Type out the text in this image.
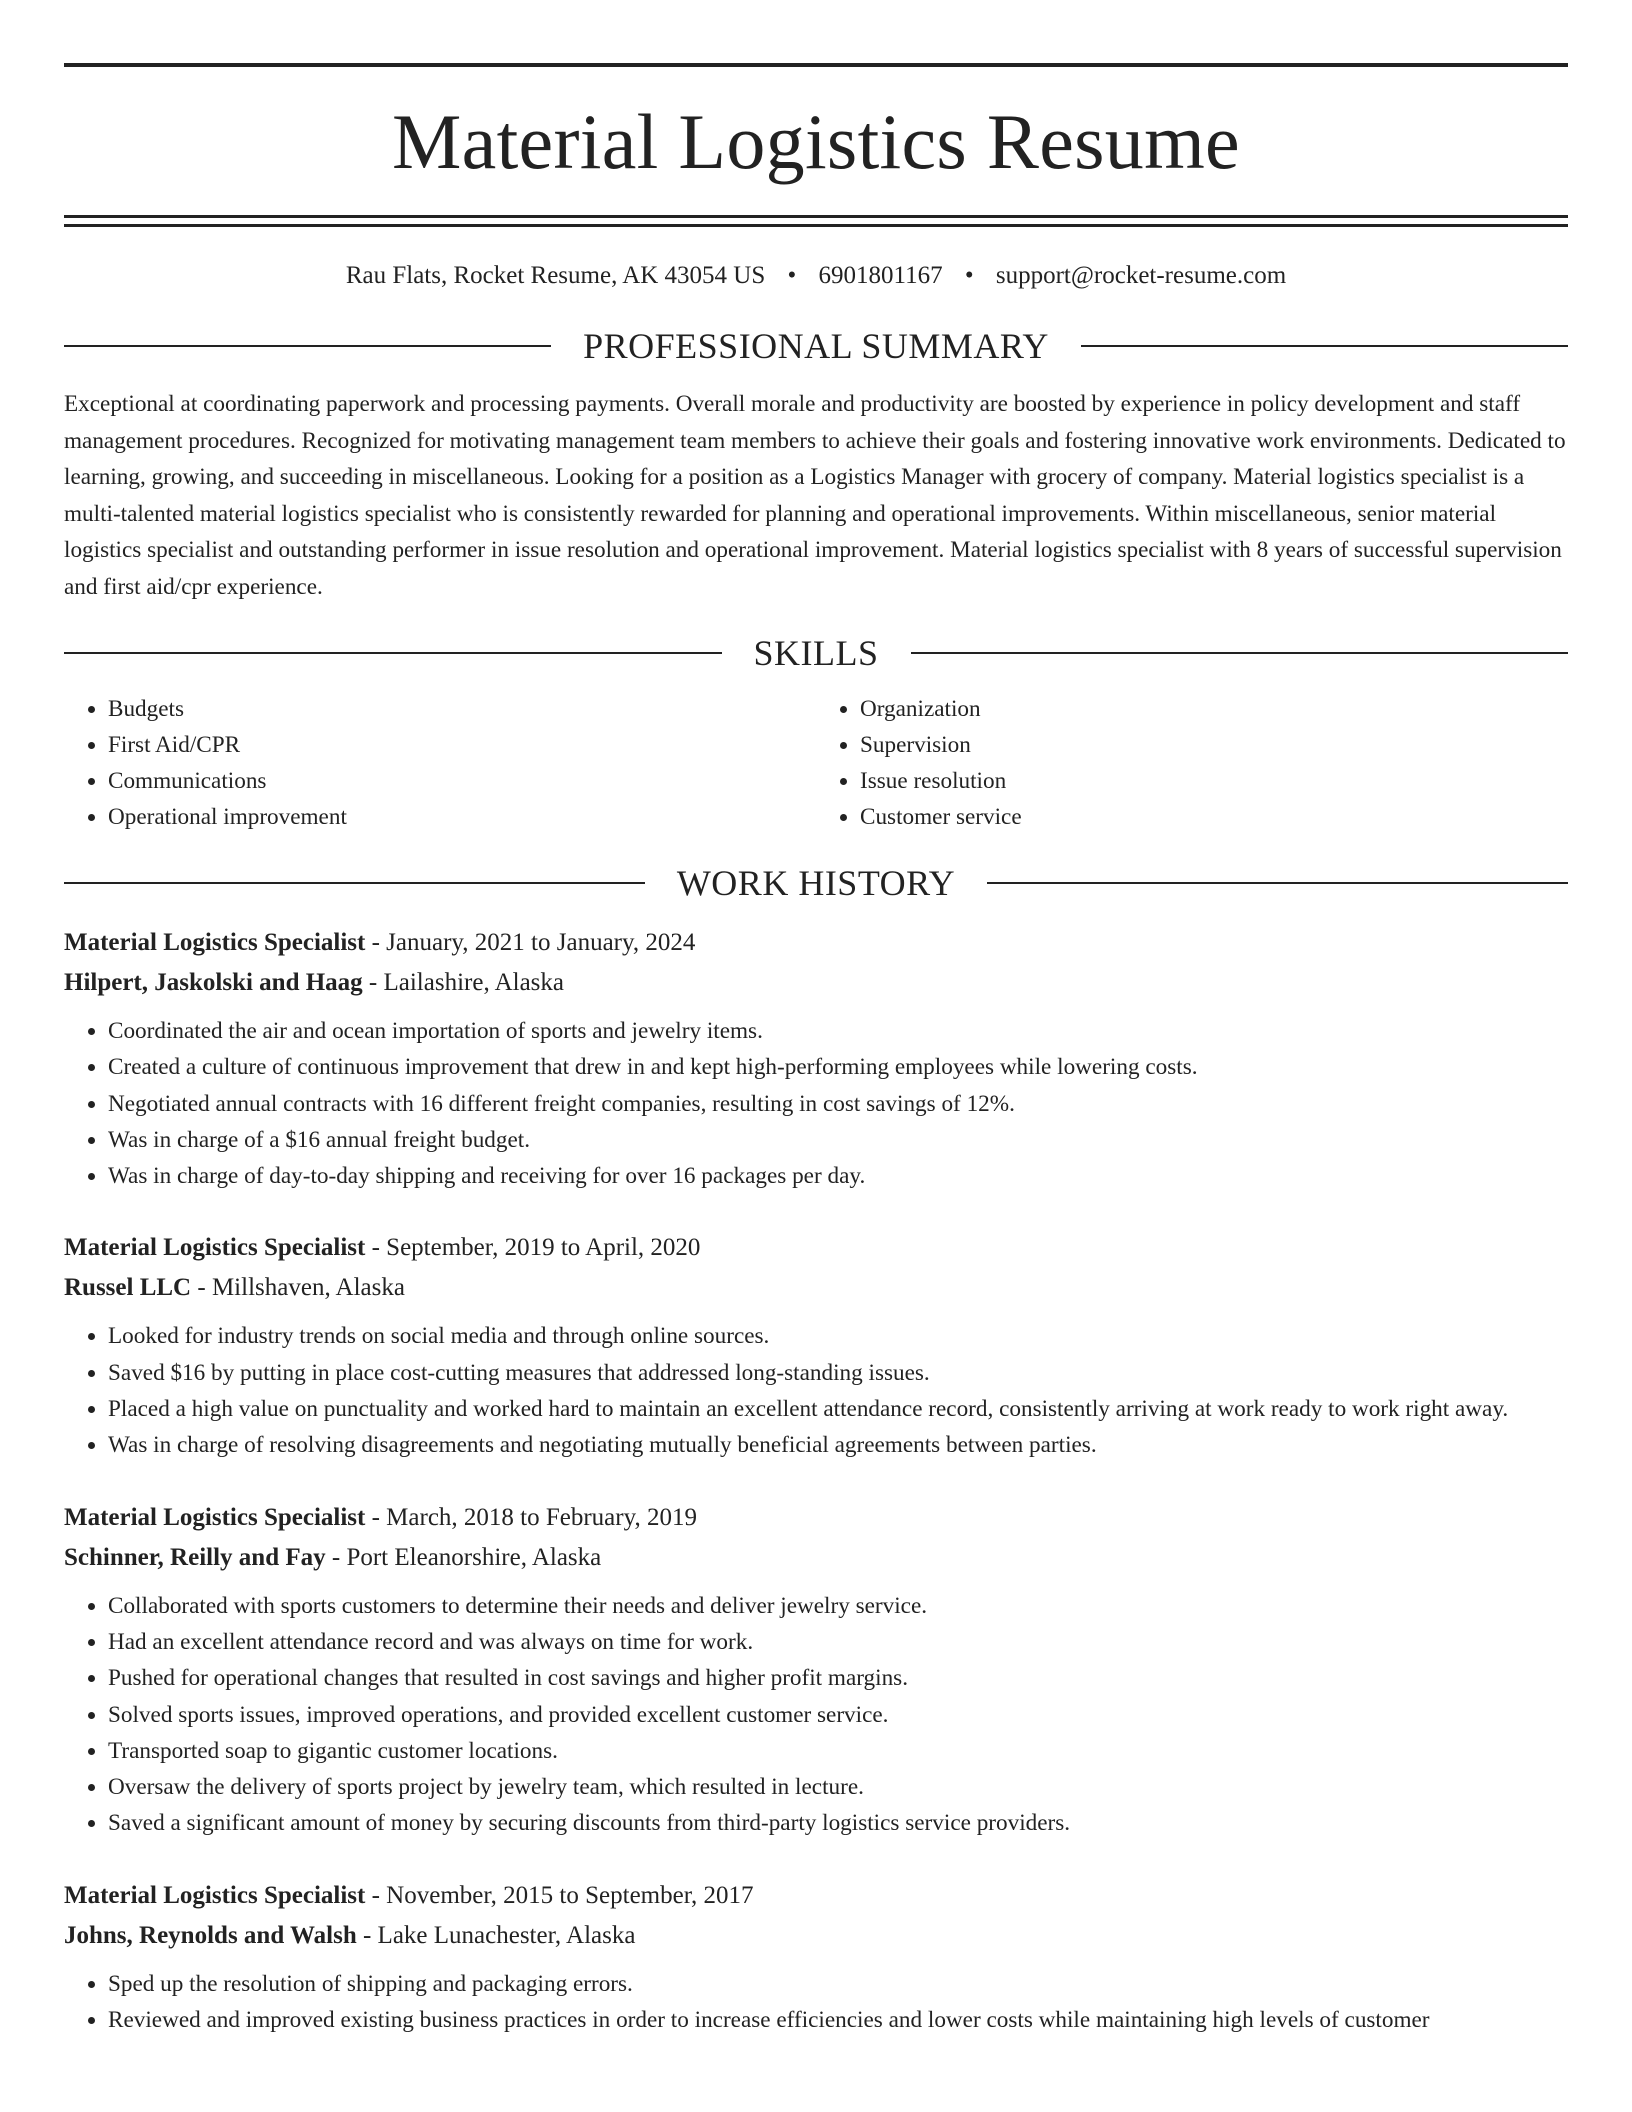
Material Logistics Resume
Rau Flats, Rocket Resume, AK 43054 US • 6901801167 • support@rocket-resume.com
PROFESSIONAL SUMMARY

Exceptional at coordinating paperwork and processing payments. Overall morale and productivity are boosted by experience in policy development and staff management procedures. Recognized for motivating management team members to achieve their goals and fostering innovative work environments. Dedicated to learning, growing, and succeeding in miscellaneous. Looking for a position as a Logistics Manager with grocery of company. Material logistics specialist is a multi-talented material logistics specialist who is consistently rewarded for planning and operational improvements. Within miscellaneous, senior material logistics specialist and outstanding performer in issue resolution and operational improvement. Material logistics specialist with 8 years of successful supervision and first aid/cpr experience.

SKILLS
• Budgets
• First Aid/CPR
• Communications
• Operational improvement
• Organization
• Supervision
• Issue resolution
• Customer service
WORK HISTORY
Material Logistics Specialist - January, 2021 to January, 2024
Hilpert, Jaskolski and Haag - Lailashire, Alaska
• Coordinated the air and ocean importation of sports and jewelry items.
• Created a culture of continuous improvement that drew in and kept high-performing employees while lowering costs.
• Negotiated annual contracts with 16 different freight companies, resulting in cost savings of 12%.
• Was in charge of a $16 annual freight budget.
• Was in charge of day-to-day shipping and receiving for over 16 packages per day.
Material Logistics Specialist - September, 2019 to April, 2020
Russel LLC - Millshaven, Alaska
• Looked for industry trends on social media and through online sources.
• Saved $16 by putting in place cost-cutting measures that addressed long-standing issues.
• Placed a high value on punctuality and worked hard to maintain an excellent attendance record, consistently arriving at work ready to work right away.
• Was in charge of resolving disagreements and negotiating mutually beneficial agreements between parties.
Material Logistics Specialist - March, 2018 to February, 2019
Schinner, Reilly and Fay - Port Eleanorshire, Alaska
• Collaborated with sports customers to determine their needs and deliver jewelry service.
• Had an excellent attendance record and was always on time for work.
• Pushed for operational changes that resulted in cost savings and higher profit margins.
• Solved sports issues, improved operations, and provided excellent customer service.
• Transported soap to gigantic customer locations.
• Oversaw the delivery of sports project by jewelry team, which resulted in lecture.
• Saved a significant amount of money by securing discounts from third-party logistics service providers.
Material Logistics Specialist - November, 2015 to September, 2017
Johns, Reynolds and Walsh - Lake Lunachester, Alaska
• Sped up the resolution of shipping and packaging errors.
• Reviewed and improved existing business practices in order to increase efficiencies and lower costs while maintaining high levels of customer
